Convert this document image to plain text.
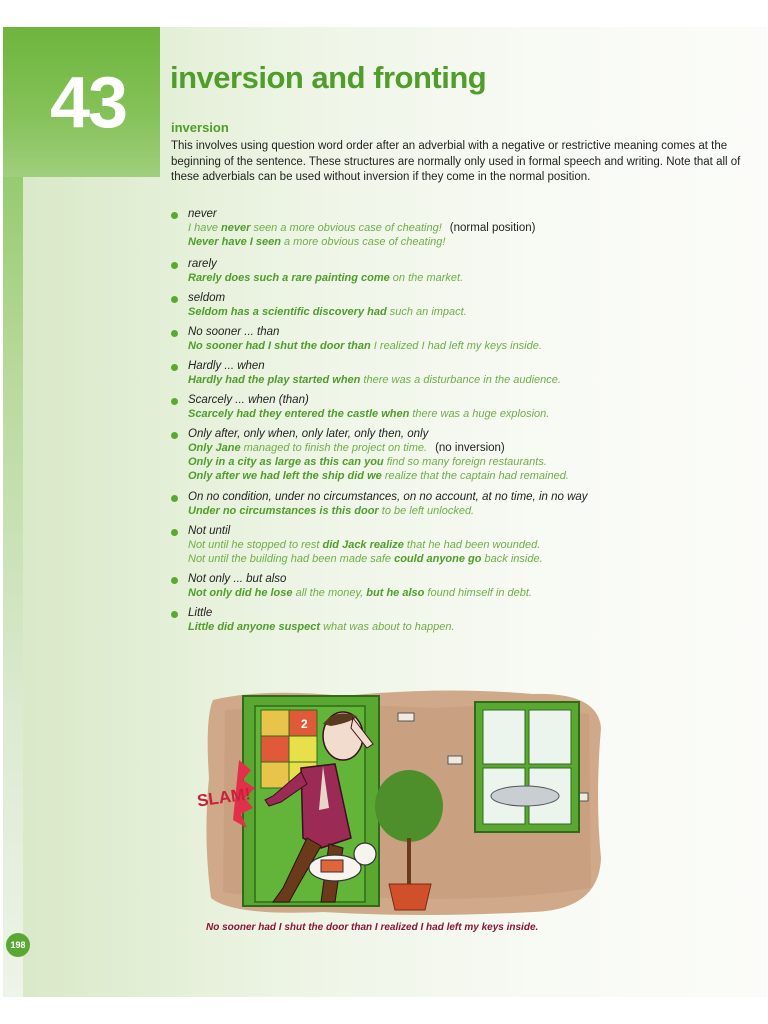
43 inversion and fronting
inversion
This involves using question word order after an adverbial with a negative or restrictive meaning comes at the beginning of the sentence. These structures are normally only used in formal speech and writing. Note that all of these adverbials can be used without inversion if they come in the normal position.
never
I have never seen a more obvious case of cheating! (normal position)
Never have I seen a more obvious case of cheating!
rarely
Rarely does such a rare painting come on the market.
seldom
Seldom has a scientific discovery had such an impact.
No sooner ... than
No sooner had I shut the door than I realized I had left my keys inside.
Hardly ... when
Hardly had the play started when there was a disturbance in the audience.
Scarcely ... when (than)
Scarcely had they entered the castle when there was a huge explosion.
Only after, only when, only later, only then, only
Only Jane managed to finish the project on time. (no inversion)
Only in a city as large as this can you find so many foreign restaurants.
Only after we had left the ship did we realize that the captain had remained.
On no condition, under no circumstances, on no account, at no time, in no way
Under no circumstances is this door to be left unlocked.
Not until
Not until he stopped to rest did Jack realize that he had been wounded.
Not until the building had been made safe could anyone go back inside.
Not only ... but also
Not only did he lose all the money, but he also found himself in debt.
Little
Little did anyone suspect what was about to happen.
2
SLAM!
No sooner had I shut the door than I realized I had left my keys inside.
198
